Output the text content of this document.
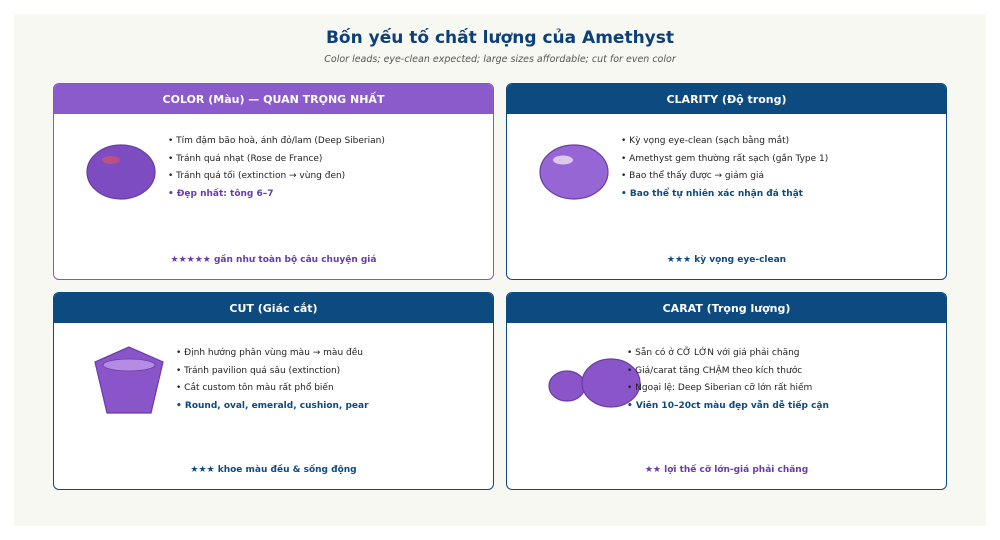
Bốn yếu tố chất lượng của Amethyst
Color leads; eye-clean expected; large sizes affordable; cut for even color
COLOR (Màu) — QUAN TRỌNG NHẤT
• Tím đậm bão hoà, ánh đỏ/lam (Deep Siberian)
• Tránh quá nhạt (Rose de France)
• Tránh quá tối (extinction → vùng đen)
• Đẹp nhất: tông 6–7
★★★★★ gần như toàn bộ câu chuyện giá
CLARITY (Độ trong)
• Kỳ vọng eye-clean (sạch bằng mắt)
• Amethyst gem thường rất sạch (gần Type 1)
• Bao thể thấy được → giảm giá
• Bao thể tự nhiên xác nhận đá thật
★★★ kỳ vọng eye-clean
CUT (Giác cắt)
• Định hướng phân vùng màu → màu đều
• Tránh pavilion quá sâu (extinction)
• Cắt custom tôn màu rất phổ biến
• Round, oval, emerald, cushion, pear
★★★ khoe màu đều & sống động
CARAT (Trọng lượng)
• Sẵn có ở CỠ LỚN với giá phải chăng
• Giá/carat tăng CHẬM theo kích thước
• Ngoại lệ: Deep Siberian cỡ lớn rất hiếm
• Viên 10–20ct màu đẹp vẫn dễ tiếp cận
★★ lợi thế cỡ lớn-giá phải chăng
